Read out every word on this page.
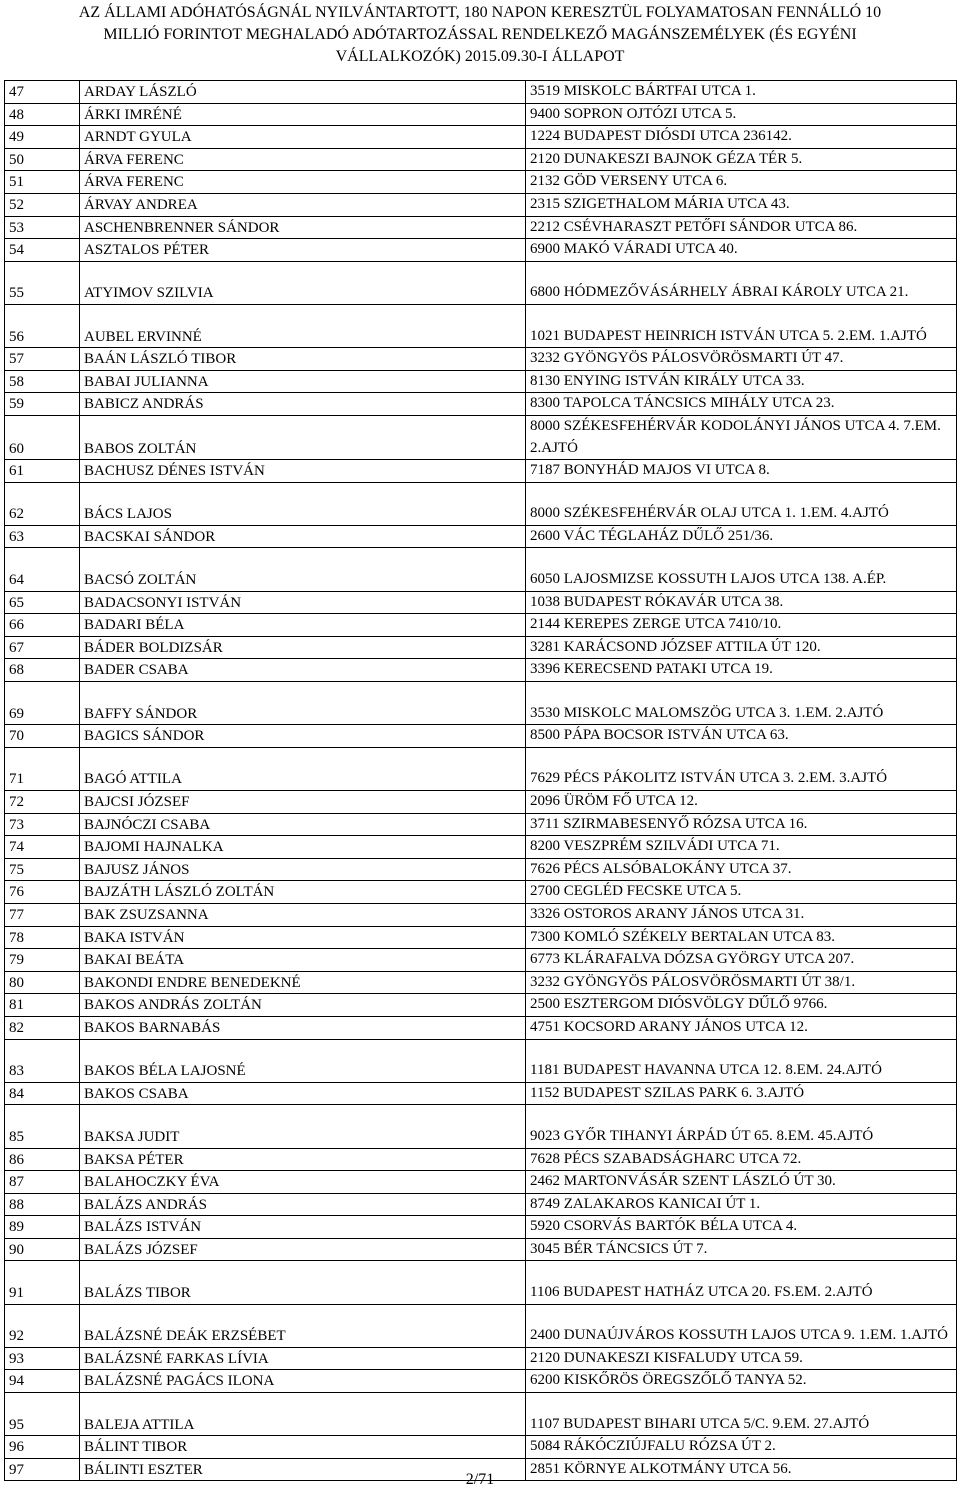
AZ ÁLLAMI ADÓHATÓSÁGNÁL NYILVÁNTARTOTT, 180 NAPON KERESZTÜL FOLYAMATOSAN FENNÁLLÓ 10
MILLIÓ FORINTOT MEGHALADÓ ADÓTARTOZÁSSAL RENDELKEZŐ MAGÁNSZEMÉLYEK (ÉS EGYÉNI
VÁLLALKOZÓK) 2015.09.30-I ÁLLAPOT
47	ARDAY LÁSZLÓ	3519 MISKOLC BÁRTFAI UTCA 1.
48	ÁRKI IMRÉNÉ	9400 SOPRON OJTÓZI UTCA 5.
49	ARNDT GYULA	1224 BUDAPEST DIÓSDI UTCA 236142.
50	ÁRVA FERENC	2120 DUNAKESZI BAJNOK GÉZA TÉR 5.
51	ÁRVA FERENC	2132 GÖD VERSENY UTCA 6.
52	ÁRVAY ANDREA	2315 SZIGETHALOM MÁRIA UTCA 43.
53	ASCHENBRENNER SÁNDOR	2212 CSÉVHARASZT PETŐFI SÁNDOR UTCA 86.
54	ASZTALOS PÉTER	6900 MAKÓ VÁRADI UTCA 40.
55	ATYIMOV SZILVIA	6800 HÓDMEZŐVÁSÁRHELY ÁBRAI KÁROLY UTCA 21.
56	AUBEL ERVINNÉ	1021 BUDAPEST HEINRICH ISTVÁN UTCA 5. 2.EM. 1.AJTÓ
57	BAÁN LÁSZLÓ TIBOR	3232 GYÖNGYÖS PÁLOSVÖRÖSMARTI ÚT 47.
58	BABAI JULIANNA	8130 ENYING ISTVÁN KIRÁLY UTCA 33.
59	BABICZ ANDRÁS	8300 TAPOLCA TÁNCSICS MIHÁLY UTCA 23.
60	BABOS ZOLTÁN	8000 SZÉKESFEHÉRVÁR KODOLÁNYI JÁNOS UTCA 4. 7.EM. 2.AJTÓ
61	BACHUSZ DÉNES ISTVÁN	7187 BONYHÁD MAJOS VI UTCA 8.
62	BÁCS LAJOS	8000 SZÉKESFEHÉRVÁR OLAJ UTCA 1. 1.EM. 4.AJTÓ
63	BACSKAI SÁNDOR	2600 VÁC TÉGLAHÁZ DŰLŐ 251/36.
64	BACSÓ ZOLTÁN	6050 LAJOSMIZSE KOSSUTH LAJOS UTCA 138. A.ÉP.
65	BADACSONYI ISTVÁN	1038 BUDAPEST RÓKAVÁR UTCA 38.
66	BADARI BÉLA	2144 KEREPES ZERGE UTCA 7410/10.
67	BÁDER BOLDIZSÁR	3281 KARÁCSOND JÓZSEF ATTILA ÚT 120.
68	BADER CSABA	3396 KERECSEND PATAKI UTCA 19.
69	BAFFY SÁNDOR	3530 MISKOLC MALOMSZÖG UTCA 3. 1.EM. 2.AJTÓ
70	BAGICS SÁNDOR	8500 PÁPA BOCSOR ISTVÁN UTCA 63.
71	BAGÓ ATTILA	7629 PÉCS PÁKOLITZ ISTVÁN UTCA 3. 2.EM. 3.AJTÓ
72	BAJCSI JÓZSEF	2096 ÜRÖM FŐ UTCA 12.
73	BAJNÓCZI CSABA	3711 SZIRMABESENYŐ RÓZSA UTCA 16.
74	BAJOMI HAJNALKA	8200 VESZPRÉM SZILVÁDI UTCA 71.
75	BAJUSZ JÁNOS	7626 PÉCS ALSÓBALOKÁNY UTCA 37.
76	BAJZÁTH LÁSZLÓ ZOLTÁN	2700 CEGLÉD FECSKE UTCA 5.
77	BAK ZSUZSANNA	3326 OSTOROS ARANY JÁNOS UTCA 31.
78	BAKA ISTVÁN	7300 KOMLÓ SZÉKELY BERTALAN UTCA 83.
79	BAKAI BEÁTA	6773 KLÁRAFALVA DÓZSA GYÖRGY UTCA 207.
80	BAKONDI ENDRE BENEDEKNÉ	3232 GYÖNGYÖS PÁLOSVÖRÖSMARTI ÚT 38/1.
81	BAKOS ANDRÁS ZOLTÁN	2500 ESZTERGOM DIÓSVÖLGY DŰLŐ 9766.
82	BAKOS BARNABÁS	4751 KOCSORD ARANY JÁNOS UTCA 12.
83	BAKOS BÉLA LAJOSNÉ	1181 BUDAPEST HAVANNA UTCA 12. 8.EM. 24.AJTÓ
84	BAKOS CSABA	1152 BUDAPEST SZILAS PARK 6. 3.AJTÓ
85	BAKSA JUDIT	9023 GYŐR TIHANYI ÁRPÁD ÚT 65. 8.EM. 45.AJTÓ
86	BAKSA PÉTER	7628 PÉCS SZABADSÁGHARC UTCA 72.
87	BALAHOCZKY ÉVA	2462 MARTONVÁSÁR SZENT LÁSZLÓ ÚT 30.
88	BALÁZS ANDRÁS	8749 ZALAKAROS KANICAI ÚT 1.
89	BALÁZS ISTVÁN	5920 CSORVÁS BARTÓK BÉLA UTCA 4.
90	BALÁZS JÓZSEF	3045 BÉR TÁNCSICS ÚT 7.
91	BALÁZS TIBOR	1106 BUDAPEST HATHÁZ UTCA 20. FS.EM. 2.AJTÓ
92	BALÁZSNÉ DEÁK ERZSÉBET	2400 DUNAÚJVÁROS KOSSUTH LAJOS UTCA 9. 1.EM. 1.AJTÓ
93	BALÁZSNÉ FARKAS LÍVIA	2120 DUNAKESZI KISFALUDY UTCA 59.
94	BALÁZSNÉ PAGÁCS ILONA	6200 KISKŐRÖS ÖREGSZŐLŐ TANYA 52.
95	BALEJA ATTILA	1107 BUDAPEST BIHARI UTCA 5/C. 9.EM. 27.AJTÓ
96	BÁLINT TIBOR	5084 RÁKÓCZIÚJFALU RÓZSA ÚT 2.
97	BÁLINTI ESZTER	2851 KÖRNYE ALKOTMÁNY UTCA 56.
2/71
